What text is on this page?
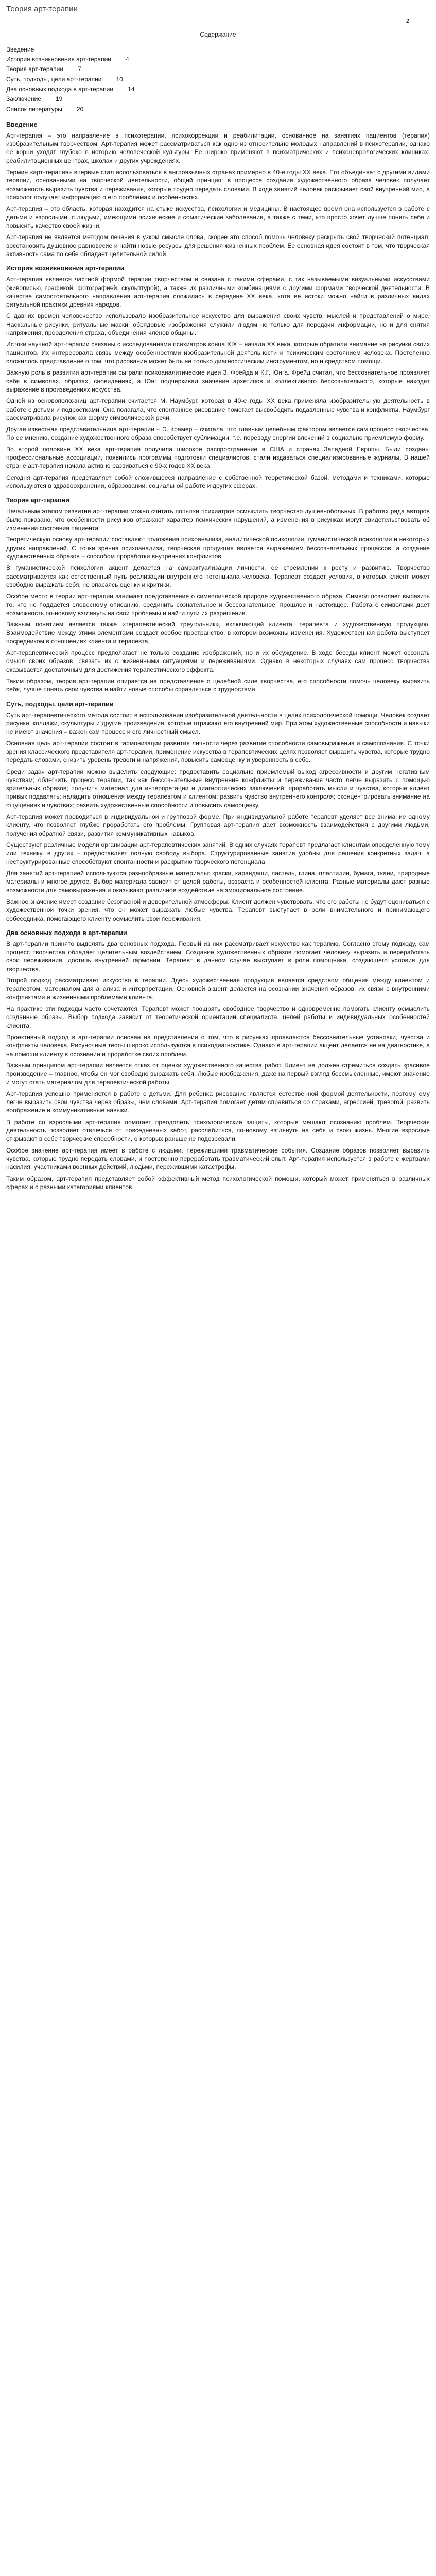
Теория арт-терапии
2
Содержание
Введение
История возникновения арт-терапии 4
Теория арт-терапии 7
Суть, подходы, цели арт-терапии 10
Два основных подхода в арт-терапии 14
Заключение 19
Список литературы 20
Введение

Арт-терапия – это направление в психотерапии, психокоррекции и реабилитации, основанное на занятиях пациентов (терапия) изобразительным творчеством. Арт-терапия может рассматриваться как одно из относительно молодых направлений в психотерапии, однако ее корни уходят глубоко в историю человеческой культуры. Ее широко применяют в психиатрических и психоневрологических клиниках, реабилитационных центрах, школах и других учреждениях.

Термин «арт-терапия» впервые стал использоваться в англоязычных странах примерно в 40-е годы XX века. Его объединяет с другими видами терапии, основанными на творческой деятельности, общий принцип: в процессе создания художественного образа человек получает возможность выразить чувства и переживания, которые трудно передать словами. В ходе занятий человек раскрывает свой внутренний мир, а психолог получает информацию о его проблемах и особенностях.

Арт-терапия – это область, которая находится на стыке искусства, психологии и медицины. В настоящее время она используется в работе с детьми и взрослыми, с людьми, имеющими психические и соматические заболевания, а также с теми, кто просто хочет лучше понять себя и повысить качество своей жизни.

Арт-терапия не является методом лечения в узком смысле слова, скорее это способ помочь человеку раскрыть свой творческий потенциал, восстановить душевное равновесие и найти новые ресурсы для решения жизненных проблем. Ее основная идея состоит в том, что творческая активность сама по себе обладает целительной силой.

История возникновения арт-терапии

Арт-терапия является частной формой терапии творчеством и связана с такими сферами, с так называемыми визуальными искусствами (живописью, графикой, фотографией, скульптурой), а также их различными комбинациями с другими формами творческой деятельности. В качестве самостоятельного направления арт-терапия сложилась в середине XX века, хотя ее истоки можно найти в различных видах ритуальной практики древних народов.

С давних времен человечество использовало изобразительное искусство для выражения своих чувств, мыслей и представлений о мире. Наскальные рисунки, ритуальные маски, обрядовые изображения служили людям не только для передачи информации, но и для снятия напряжения, преодоления страха, объединения членов общины.

Истоки научной арт-терапии связаны с исследованиями психиатров конца XIX – начала XX века, которые обратили внимание на рисунки своих пациентов. Их интересовала связь между особенностями изобразительной деятельности и психическим состоянием человека. Постепенно сложилось представление о том, что рисование может быть не только диагностическим инструментом, но и средством помощи.

Важную роль в развитии арт-терапии сыграли психоаналитические идеи З. Фрейда и К.Г. Юнга. Фрейд считал, что бессознательное проявляет себя в символах, образах, сновидениях, а Юнг подчеркивал значение архетипов и коллективного бессознательного, которые находят выражение в произведениях искусства.

Одной из основоположниц арт-терапии считается М. Наумбург, которая в 40-е годы XX века применяла изобразительную деятельность в работе с детьми и подростками. Она полагала, что спонтанное рисование помогает высвободить подавленные чувства и конфликты. Наумбург рассматривала рисунок как форму символической речи.

Другая известная представительница арт-терапии – Э. Крамер – считала, что главным целебным фактором является сам процесс творчества. По ее мнению, создание художественного образа способствует сублимации, т.е. переводу энергии влечений в социально приемлемую форму.

Во второй половине XX века арт-терапия получила широкое распространение в США и странах Западной Европы. Были созданы профессиональные ассоциации, появились программы подготовки специалистов, стали издаваться специализированные журналы. В нашей стране арт-терапия начала активно развиваться с 90-х годов XX века.

Сегодня арт-терапия представляет собой сложившееся направление с собственной теоретической базой, методами и техниками, которые используются в здравоохранении, образовании, социальной работе и других сферах.

Теория арт-терапии

Начальным этапом развития арт-терапии можно считать попытки психиатров осмыслить творчество душевнобольных. В работах ряда авторов было показано, что особенности рисунков отражают характер психических нарушений, а изменения в рисунках могут свидетельствовать об изменении состояния пациента.

Теоретическую основу арт-терапии составляют положения психоанализа, аналитической психологии, гуманистической психологии и некоторых других направлений. С точки зрения психоанализа, творческая продукция является выражением бессознательных процессов, а создание художественных образов – способом проработки внутренних конфликтов.

В гуманистической психологии акцент делается на самоактуализации личности, ее стремлении к росту и развитию. Творчество рассматривается как естественный путь реализации внутреннего потенциала человека. Терапевт создает условия, в которых клиент может свободно выражать себя, не опасаясь оценки и критики.

Особое место в теории арт-терапии занимает представление о символической природе художественного образа. Символ позволяет выразить то, что не поддается словесному описанию, соединить сознательное и бессознательное, прошлое и настоящее. Работа с символами дает возможность по-новому взглянуть на свои проблемы и найти пути их разрешения.

Важным понятием является также «терапевтический треугольник», включающий клиента, терапевта и художественную продукцию. Взаимодействие между этими элементами создает особое пространство, в котором возможны изменения. Художественная работа выступает посредником в отношениях клиента и терапевта.

Арт-терапевтический процесс предполагает не только создание изображений, но и их обсуждение. В ходе беседы клиент может осознать смысл своих образов, связать их с жизненными ситуациями и переживаниями. Однако в некоторых случаях сам процесс творчества оказывается достаточным для достижения терапевтического эффекта.

Таким образом, теория арт-терапии опирается на представление о целебной силе творчества, его способности помочь человеку выразить себя, лучше понять свои чувства и найти новые способы справляться с трудностями.

Суть, подходы, цели арт-терапии

Суть арт-терапевтического метода состоит в использовании изобразительной деятельности в целях психологической помощи. Человек создает рисунки, коллажи, скульптуры и другие произведения, которые отражают его внутренний мир. При этом художественные способности и навыки не имеют значения – важен сам процесс и его личностный смысл.

Основная цель арт-терапии состоит в гармонизации развития личности через развитие способности самовыражения и самопознания. С точки зрения классического представителя арт-терапии, применение искусства в терапевтических целях позволяет выразить чувства, которые трудно передать словами, снизить уровень тревоги и напряжения, повысить самооценку и уверенность в себе.

Среди задач арт-терапии можно выделить следующие: предоставить социально приемлемый выход агрессивности и другим негативным чувствам; облегчить процесс терапии, так как бессознательные внутренние конфликты и переживания часто легче выразить с помощью зрительных образов; получить материал для интерпретации и диагностических заключений; проработать мысли и чувства, которые клиент привык подавлять; наладить отношения между терапевтом и клиентом; развить чувство внутреннего контроля; сконцентрировать внимание на ощущениях и чувствах; развить художественные способности и повысить самооценку.

Арт-терапия может проводиться в индивидуальной и групповой форме. При индивидуальной работе терапевт уделяет все внимание одному клиенту, что позволяет глубже проработать его проблемы. Групповая арт-терапия дает возможность взаимодействия с другими людьми, получения обратной связи, развития коммуникативных навыков.

Существуют различные модели организации арт-терапевтических занятий. В одних случаях терапевт предлагает клиентам определенную тему или технику, в других – предоставляет полную свободу выбора. Структурированные занятия удобны для решения конкретных задач, а неструктурированные способствуют спонтанности и раскрытию творческого потенциала.

Для занятий арт-терапией используются разнообразные материалы: краски, карандаши, пастель, глина, пластилин, бумага, ткани, природные материалы и многое другое. Выбор материала зависит от целей работы, возраста и особенностей клиента. Разные материалы дают разные возможности для самовыражения и оказывают различное воздействие на эмоциональное состояние.

Важное значение имеет создание безопасной и доверительной атмосферы. Клиент должен чувствовать, что его работы не будут оцениваться с художественной точки зрения, что он может выражать любые чувства. Терапевт выступает в роли внимательного и принимающего собеседника, помогающего клиенту осмыслить свои переживания.

Два основных подхода в арт-терапии

В арт-терапии принято выделять два основных подхода. Первый из них рассматривает искусство как терапию. Согласно этому подходу, сам процесс творчества обладает целительным воздействием. Создание художественных образов помогает человеку выразить и переработать свои переживания, достичь внутренней гармонии. Терапевт в данном случае выступает в роли помощника, создающего условия для творчества.

Второй подход рассматривает искусство в терапии. Здесь художественная продукция является средством общения между клиентом и терапевтом, материалом для анализа и интерпретации. Основной акцент делается на осознании значения образов, их связи с внутренними конфликтами и жизненными проблемами клиента.

На практике эти подходы часто сочетаются. Терапевт может поощрять свободное творчество и одновременно помогать клиенту осмыслить созданные образы. Выбор подхода зависит от теоретической ориентации специалиста, целей работы и индивидуальных особенностей клиента.

Проективный подход в арт-терапии основан на представлении о том, что в рисунках проявляются бессознательные установки, чувства и конфликты человека. Рисуночные тесты широко используются в психодиагностике. Однако в арт-терапии акцент делается не на диагностике, а на помощи клиенту в осознании и проработке своих проблем.

Важным принципом арт-терапии является отказ от оценки художественного качества работ. Клиент не должен стремиться создать красивое произведение – главное, чтобы он мог свободно выражать себя. Любые изображения, даже на первый взгляд бессмысленные, имеют значение и могут стать материалом для терапевтической работы.

Арт-терапия успешно применяется в работе с детьми. Для ребенка рисование является естественной формой деятельности, поэтому ему легче выразить свои чувства через образы, чем словами. Арт-терапия помогает детям справиться со страхами, агрессией, тревогой, развить воображение и коммуникативные навыки.

В работе со взрослыми арт-терапия помогает преодолеть психологические защиты, которые мешают осознанию проблем. Творческая деятельность позволяет отвлечься от повседневных забот, расслабиться, по-новому взглянуть на себя и свою жизнь. Многие взрослые открывают в себе творческие способности, о которых раньше не подозревали.

Особое значение арт-терапия имеет в работе с людьми, пережившими травматические события. Создание образов позволяет выразить чувства, которые трудно передать словами, и постепенно переработать травматический опыт. Арт-терапия используется в работе с жертвами насилия, участниками военных действий, людьми, пережившими катастрофы.

Таким образом, арт-терапия представляет собой эффективный метод психологической помощи, который может применяться в различных сферах и с разными категориями клиентов.
